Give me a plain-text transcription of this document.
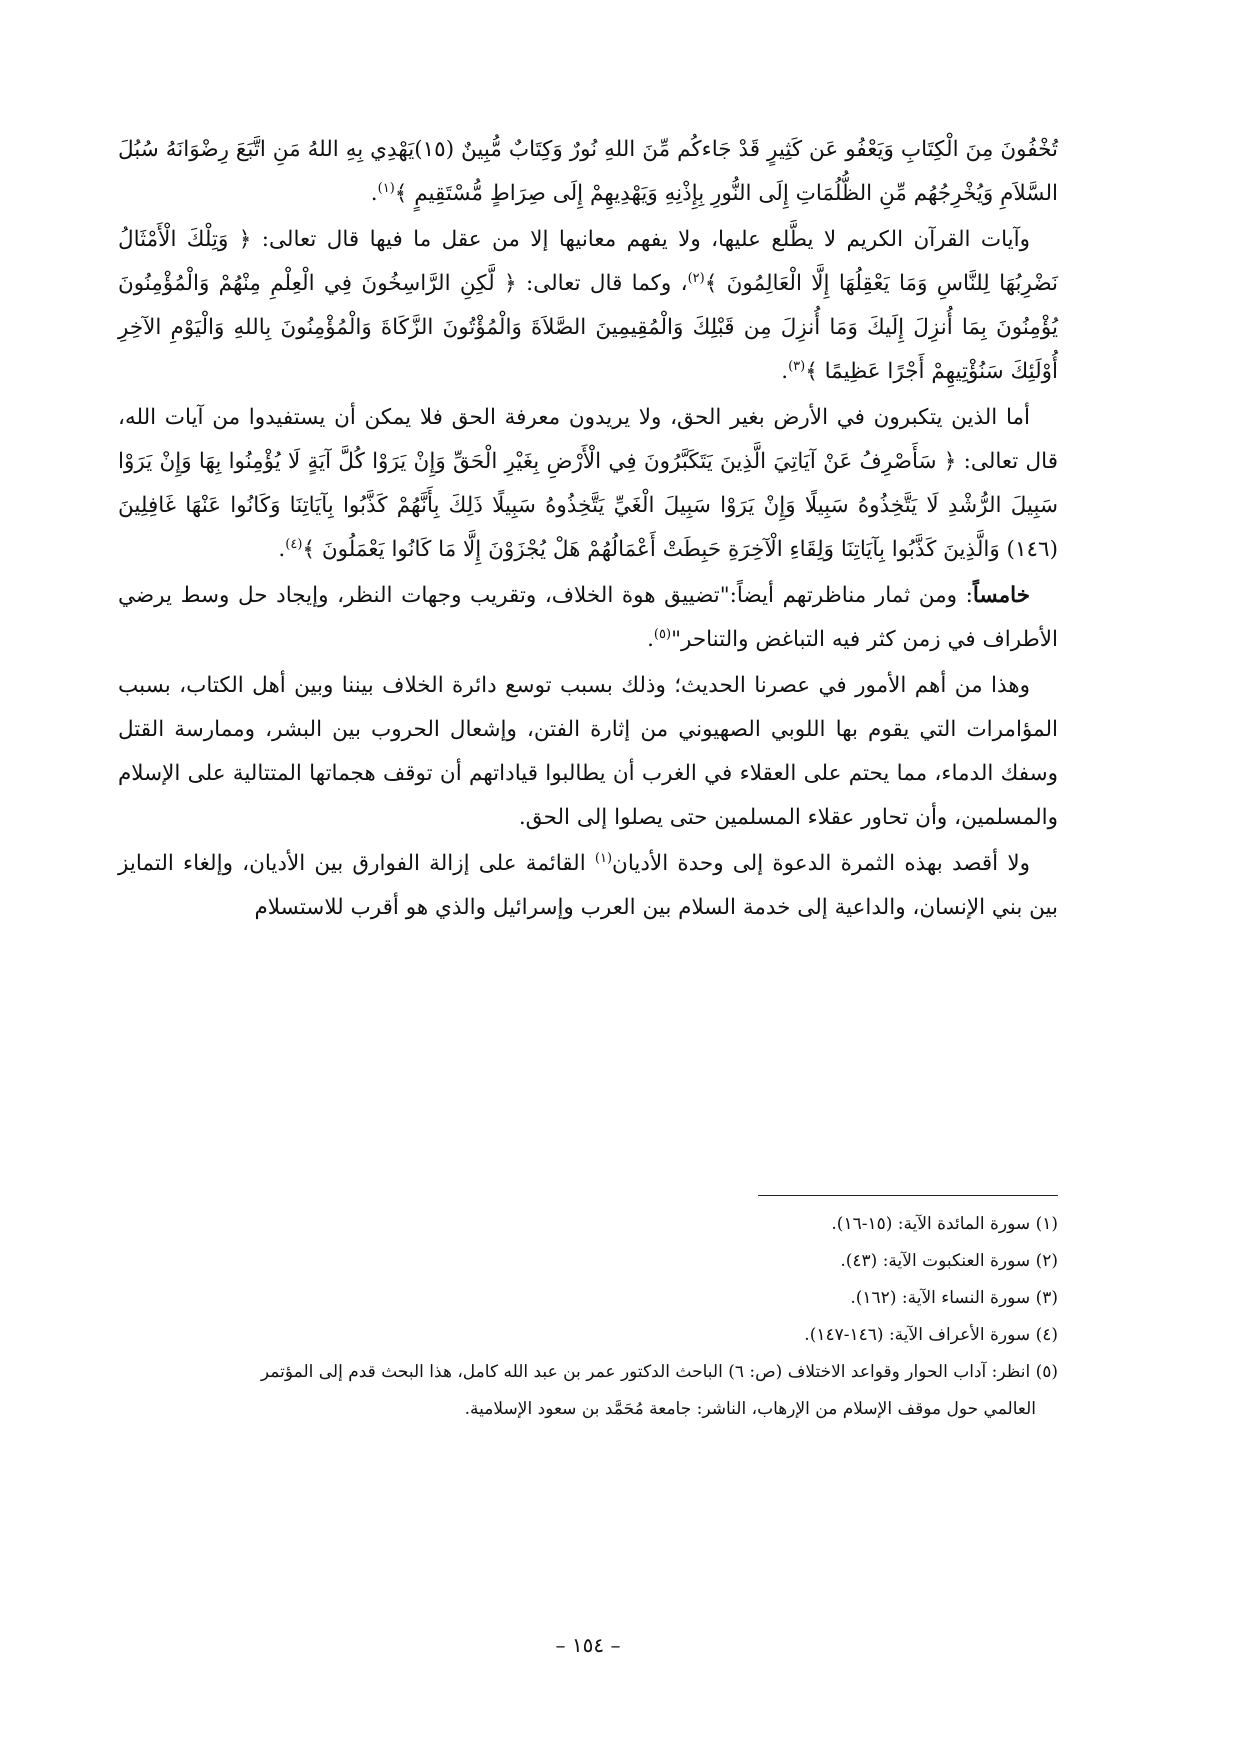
تُخْفُونَ مِنَ الْكِتَابِ وَيَعْفُو عَن كَثِيرٍ قَدْ جَاءكُم مِّنَ اللهِ نُورٌ وَكِتَابٌ مُّبِينٌ (١٥)يَهْدِي بِهِ اللهُ مَنِ اتَّبَعَ رِضْوَانَهُ سُبُلَ السَّلاَمِ وَيُخْرِجُهُم مِّنِ الظُّلُمَاتِ إِلَى النُّورِ بِإِذْنِهِ وَيَهْدِيهِمْ إِلَى صِرَاطٍ مُّسْتَقِيمٍ ﴾$^{(١)}$.

وآيات القرآن الكريم لا يطَّلع عليها، ولا يفهم معانيها إلا من عقل ما فيها قال تعالى: ﴿ وَتِلْكَ الْأَمْثَالُ نَضْرِبُهَا لِلنَّاسِ وَمَا يَعْقِلُهَا إِلَّا الْعَالِمُونَ ﴾$^{(٢)}$، وكما قال تعالى: ﴿ لَّكِنِ الرَّاسِخُونَ فِي الْعِلْمِ مِنْهُمْ وَالْمُؤْمِنُونَ يُؤْمِنُونَ بِمَا أُنزِلَ إِلَيكَ وَمَا أُنزِلَ مِن قَبْلِكَ وَالْمُقِيمِينَ الصَّلاَةَ وَالْمُؤْتُونَ الزَّكَاةَ وَالْمُؤْمِنُونَ بِاللهِ وَالْيَوْمِ الآخِرِ أُوْلَئِكَ سَنُؤْتِيهِمْ أَجْرًا عَظِيمًا ﴾$^{(٣)}$.

أما الذين يتكبرون في الأرض بغير الحق، ولا يريدون معرفة الحق فلا يمكن أن يستفيدوا من آيات الله، قال تعالى: ﴿ سَأَصْرِفُ عَنْ آيَاتِيَ الَّذِينَ يَتَكَبَّرُونَ فِي الْأَرْضِ بِغَيْرِ الْحَقِّ وَإِنْ يَرَوْا كُلَّ آيَةٍ لَا يُؤْمِنُوا بِهَا وَإِنْ يَرَوْا سَبِيلَ الرُّشْدِ لَا يَتَّخِذُوهُ سَبِيلًا وَإِنْ يَرَوْا سَبِيلَ الْغَيِّ يَتَّخِذُوهُ سَبِيلًا ذَلِكَ بِأَنَّهُمْ كَذَّبُوا بِآيَاتِنَا وَكَانُوا عَنْهَا غَافِلِينَ (١٤٦) وَالَّذِينَ كَذَّبُوا بِآيَاتِنَا وَلِقَاءِ الْآخِرَةِ حَبِطَتْ أَعْمَالُهُمْ هَلْ يُجْزَوْنَ إِلَّا مَا كَانُوا يَعْمَلُونَ ﴾$^{(٤)}$.

خامساً: ومن ثمار مناظرتهم أيضاً:"تضييق هوة الخلاف، وتقريب وجهات النظر، وإيجاد حل وسط يرضي الأطراف في زمن كثر فيه التباغض والتناحر"$^{(٥)}$.

وهذا من أهم الأمور في عصرنا الحديث؛ وذلك بسبب توسع دائرة الخلاف بيننا وبين أهل الكتاب، بسبب المؤامرات التي يقوم بها اللوبي الصهيوني من إثارة الفتن، وإشعال الحروب بين البشر، وممارسة القتل وسفك الدماء، مما يحتم على العقلاء في الغرب أن يطالبوا قياداتهم أن توقف هجماتها المتتالية على الإسلام والمسلمين، وأن تحاور عقلاء المسلمين حتى يصلوا إلى الحق.

ولا أقصد بهذه الثمرة الدعوة إلى وحدة الأديان$^{(١)}$ القائمة على إزالة الفوارق بين الأديان، وإلغاء التمايز بين بني الإنسان، والداعية إلى خدمة السلام بين العرب وإسرائيل والذي هو أقرب للاستسلام

(١) سورة المائدة الآية: (١٥-١٦).
(٢) سورة العنكبوت الآية: (٤٣).
(٣) سورة النساء الآية: (١٦٢).
(٤) سورة الأعراف الآية: (١٤٦-١٤٧).
(٥) انظر: آداب الحوار وقواعد الاختلاف (ص: ٦) الباحث الدكتور عمر بن عبد الله كامل، هذا البحث قدم إلى المؤتمر
العالمي حول موقف الإسلام من الإرهاب، الناشر: جامعة مُحَمَّد بن سعود الإسلامية.
– ١٥٤ –
